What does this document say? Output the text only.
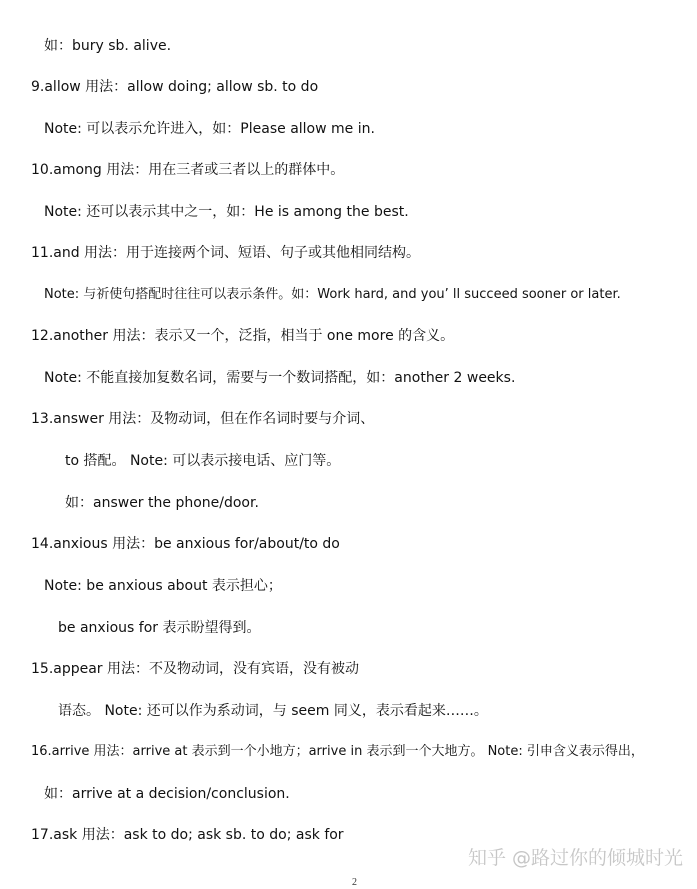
如：bury sb. alive.
9.allow 用法：allow doing; allow sb. to do
Note: 可以表示允许进入，如：Please allow me in.
10.among 用法：用在三者或三者以上的群体中。
Note: 还可以表示其中之一，如：He is among the best.
11.and 用法：用于连接两个词、短语、句子或其他相同结构。
Note: 与祈使句搭配时往往可以表示条件。如：Work hard, and you’ ll succeed sooner or later.
12.another 用法：表示又一个，泛指，相当于 one more 的含义。
Note: 不能直接加复数名词，需要与一个数词搭配，如：another 2 weeks.
13.answer 用法：及物动词，但在作名词时要与介词、
to 搭配。 Note: 可以表示接电话、应门等。
如：answer the phone/door.
14.anxious 用法：be anxious for/about/to do
Note: be anxious about 表示担心；
be anxious for 表示盼望得到。
15.appear 用法：不及物动词，没有宾语，没有被动
语态。 Note: 还可以作为系动词，与 seem 同义，表示看起来……。
16.arrive 用法：arrive at 表示到一个小地方；arrive in 表示到一个大地方。 Note: 引申含义表示得出，
如：arrive at a decision/conclusion.
17.ask 用法：ask to do; ask sb. to do; ask for
知乎 @路过你的倾城时光
2
